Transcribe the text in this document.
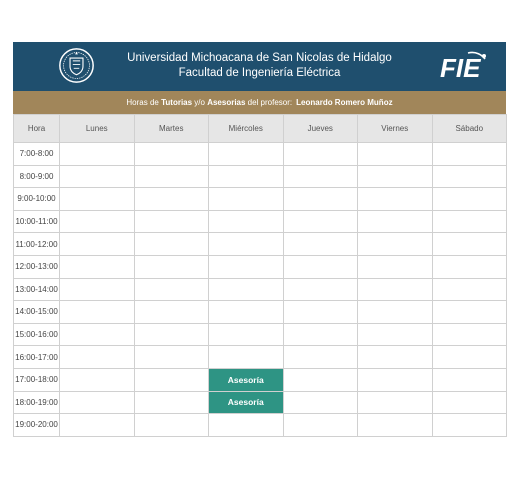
Universidad Michoacana de San Nicolas de Hidalgo
Facultad de Ingeniería Eléctrica	FIE
Horas de Tutorias y/o Asesorias del profesor: Leonardo Romero Muñoz
Hora	Lunes	Martes	Miércoles	Jueves	Viernes	Sábado
7:00-8:00						
8:00-9:00						
9:00-10:00						
10:00-11:00						
11:00-12:00						
12:00-13:00						
13:00-14:00						
14:00-15:00						
15:00-16:00						
16:00-17:00						
17:00-18:00			Asesoría			
18:00-19:00			Asesoría			
19:00-20:00						
